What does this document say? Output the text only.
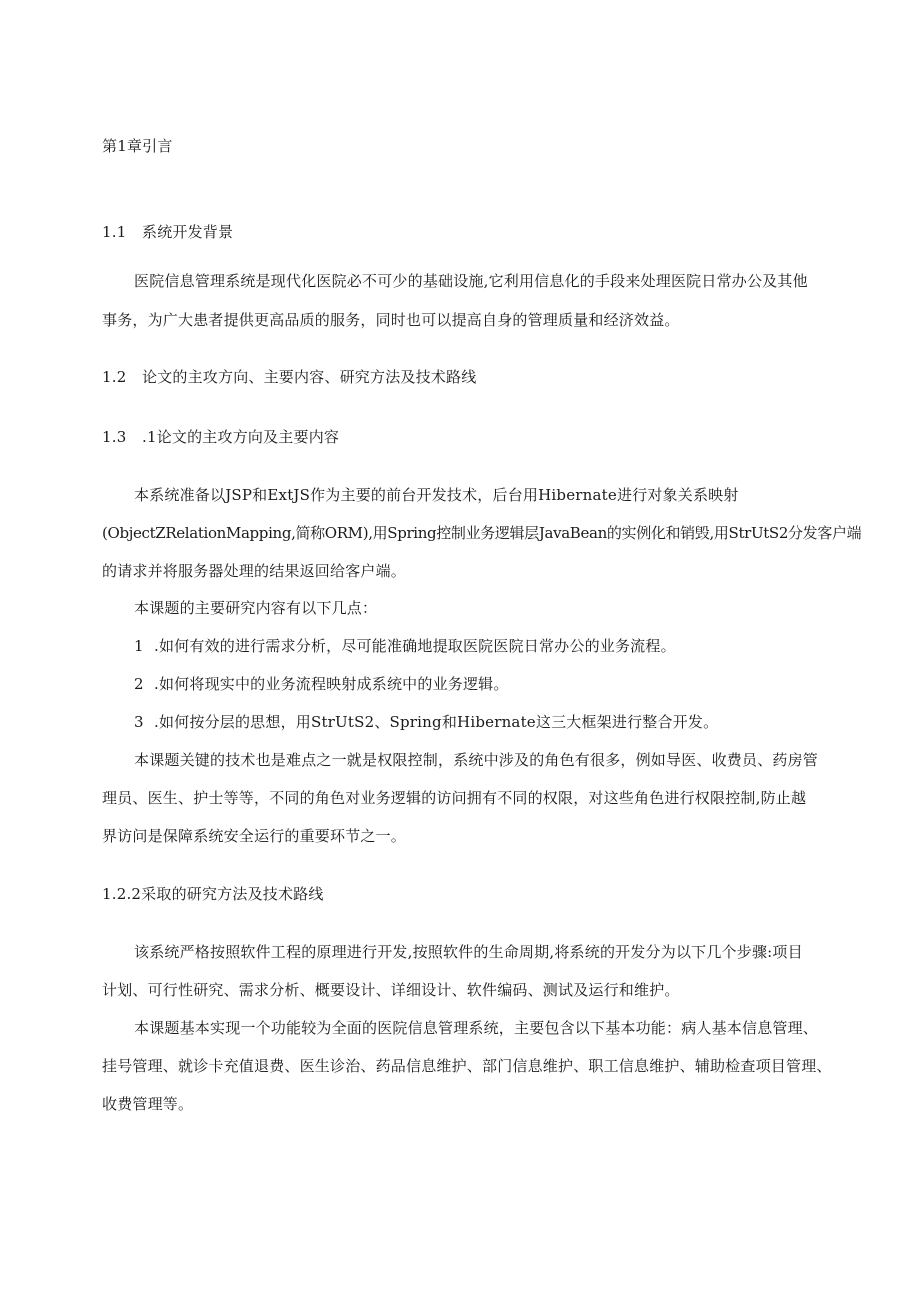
第1章引言
1.1 系统开发背景
医院信息管理系统是现代化医院必不可少的基础设施,它利用信息化的手段来处理医院日常办公及其他
事务，为广大患者提供更高品质的服务，同时也可以提高自身的管理质量和经济效益。
1.2 论文的主攻方向、主要内容、研究方法及技术路线
1.3 .1论文的主攻方向及主要内容
本系统准备以JSP和ExtJS作为主要的前台开发技术，后台用Hibernate进行对象关系映射
(ObjectZRelationMapping,简称ORM),用Spring控制业务逻辑层JavaBean的实例化和销毁,用StrUtS2分发客户端
的请求并将服务器处理的结果返回给客户端。
本课题的主要研究内容有以下几点：
1 .如何有效的进行需求分析，尽可能准确地提取医院医院日常办公的业务流程。
2 .如何将现实中的业务流程映射成系统中的业务逻辑。
3 .如何按分层的思想，用StrUtS2、Spring和Hibernate这三大框架进行整合开发。
本课题关键的技术也是难点之一就是权限控制，系统中涉及的角色有很多，例如导医、收费员、药房管
理员、医生、护士等等，不同的角色对业务逻辑的访问拥有不同的权限，对这些角色进行权限控制,防止越
界访问是保障系统安全运行的重要环节之一。
1.2.2采取的研究方法及技术路线
该系统严格按照软件工程的原理进行开发,按照软件的生命周期,将系统的开发分为以下几个步骤:项目
计划、可行性研究、需求分析、概要设计、详细设计、软件编码、测试及运行和维护。
本课题基本实现一个功能较为全面的医院信息管理系统，主要包含以下基本功能：病人基本信息管理、
挂号管理、就诊卡充值退费、医生诊治、药品信息维护、部门信息维护、职工信息维护、辅助检查项目管理、
收费管理等。
